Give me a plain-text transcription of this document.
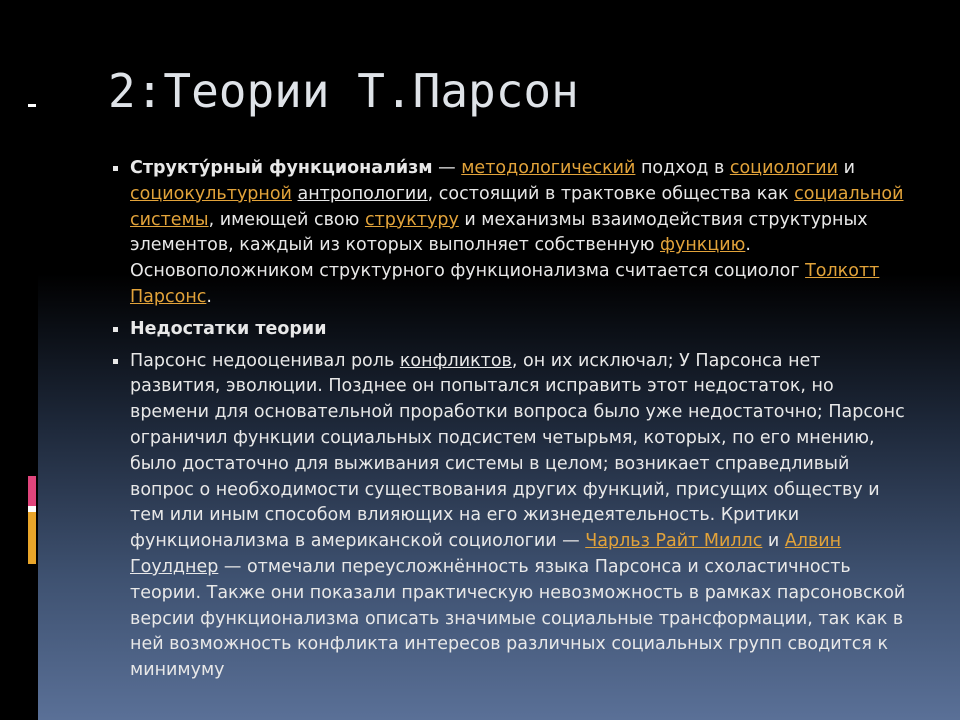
2:Теории Т.Парсон
Структу́рный функционали́зм — методологический подход в социологии и социокультурной антропологии, состоящий в трактовке общества как социальной системы, имеющей свою структуру и механизмы взаимодействия структурных элементов, каждый из которых выполняет собственную функцию. Основоположником структурного функционализма считается социолог Толкотт Парсонс.
Недостатки теории
Парсонс недооценивал роль конфликтов, он их исключал; У Парсонса нет развития, эволюции. Позднее он попытался исправить этот недостаток, но времени для основательной проработки вопроса было уже недостаточно; Парсонс ограничил функции социальных подсистем четырьмя, которых, по его мнению, было достаточно для выживания системы в целом; возникает справедливый вопрос о необходимости существования других функций, присущих обществу и тем или иным способом влияющих на его жизнедеятельность. Критики функционализма в американской социологии — Чарльз Райт Миллс и Алвин Гоулднер — отмечали переусложнённость языка Парсонса и схоластичность теории. Также они показали практическую невозможность в рамках парсоновской версии функционализма описать значимые социальные трансформации, так как в ней возможность конфликта интересов различных социальных групп сводится к минимуму
